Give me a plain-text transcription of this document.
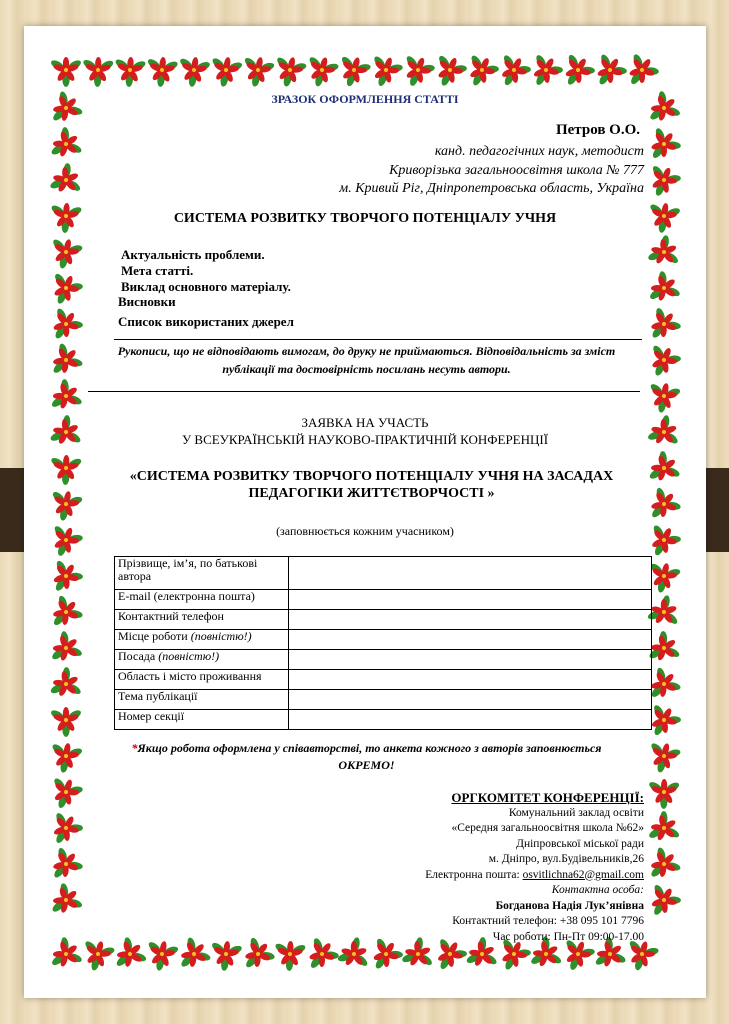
ЗРАЗОК ОФОРМЛЕННЯ СТАТТІ
Петров О.О.
канд. педагогічних наук, методист
Криворізька загальноосвітня школа № 777
м. Кривий Ріг, Дніпропетровська область, Україна
СИСТЕМА РОЗВИТКУ ТВОРЧОГО ПОТЕНЦІАЛУ УЧНЯ
Актуальність проблеми.
Мета статті.
Виклад основного матеріалу.
Висновки
Список використаних джерел
Рукописи, що не відповідають вимогам, до друку не приймаються. Відповідальність за зміст публікації та достовірність посилань несуть автори.
ЗАЯВКА НА УЧАСТЬ
У ВСЕУКРАЇНСЬКІЙ НАУКОВО-ПРАКТИЧНІЙ КОНФЕРЕНЦІЇ
«СИСТЕМА РОЗВИТКУ ТВОРЧОГО ПОТЕНЦІАЛУ УЧНЯ НА ЗАСАДАХ ПЕДАГОГІКИ ЖИТТЄТВОРЧОСТІ »
(заповнюється кожним учасником)
Прізвище, ім’я, по батькові автора	
E-mail (електронна пошта)	
Контактний телефон	
Місце роботи (повністю!)	
Посада (повністю!)	
Область і місто проживання	
Тема публікації	
Номер секції	
*Якщо робота оформлена у співавторстві, то анкета кожного з авторів заповнюється ОКРЕМО!
ОРГКОМІТЕТ КОНФЕРЕНЦІЇ:
Комунальний заклад освіти
«Середня загальноосвітня школа №62»
Дніпровської міської ради
м. Дніпро, вул.Будівельників,26
Електронна пошта: osvitlichna62@gmail.com
Контактна особа:
Богданова Надія Лук’янівна
Контактний телефон: +38 095 101 7796
Час роботи: Пн-Пт 09:00-17.00
